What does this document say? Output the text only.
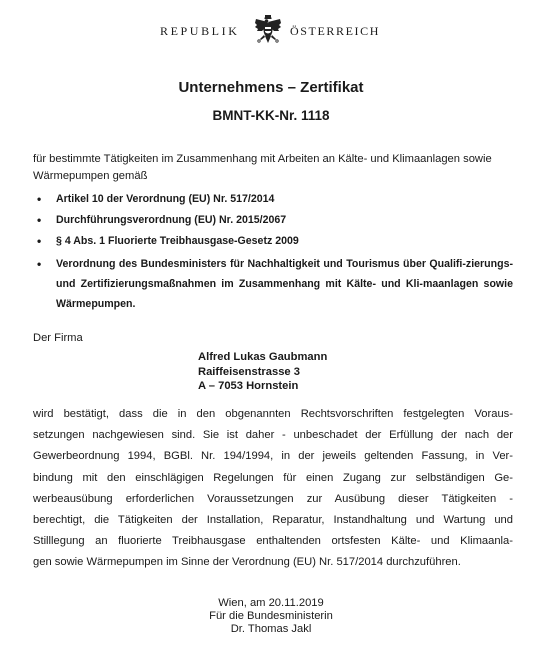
REPUBLIK	ÖSTERREICH
Unternehmens – Zertifikat
BMNT-KK-Nr. 1118
für bestimmte Tätigkeiten im Zusammenhang mit Arbeiten an Kälte- und Klimaanlagen sowie Wärmepumpen gemäß
• Artikel 10 der Verordnung (EU) Nr. 517/2014
• Durchführungsverordnung (EU) Nr. 2015/2067
• § 4 Abs. 1 Fluorierte Treibhausgase-Gesetz 2009
• Verordnung des Bundesministers für Nachhaltigkeit und Tourismus über Qualifi-zierungs- und Zertifizierungsmaßnahmen im Zusammenhang mit Kälte- und Kli-maanlagen sowie Wärmepumpen.
Der Firma
Alfred Lukas Gaubmann
Raiffeisenstrasse 3
A – 7053 Hornstein
wird bestätigt, dass die in den obgenannten Rechtsvorschriften festgelegten Voraus-
setzungen nachgewiesen sind. Sie ist daher - unbeschadet der Erfüllung der nach der
Gewerbeordnung 1994, BGBl. Nr. 194/1994, in der jeweils geltenden Fassung, in Ver-
bindung mit den einschlägigen Regelungen für einen Zugang zur selbständigen Ge-
werbeausübung erforderlichen Voraussetzungen zur Ausübung dieser Tätigkeiten -
berechtigt, die Tätigkeiten der Installation, Reparatur, Instandhaltung und Wartung und
Stilllegung an fluorierte Treibhausgase enthaltenden ortsfesten Kälte- und Klimaanla-
gen sowie Wärmepumpen im Sinne der Verordnung (EU) Nr. 517/2014 durchzuführen.
Wien, am 20.11.2019
Für die Bundesministerin
Dr. Thomas Jakl
